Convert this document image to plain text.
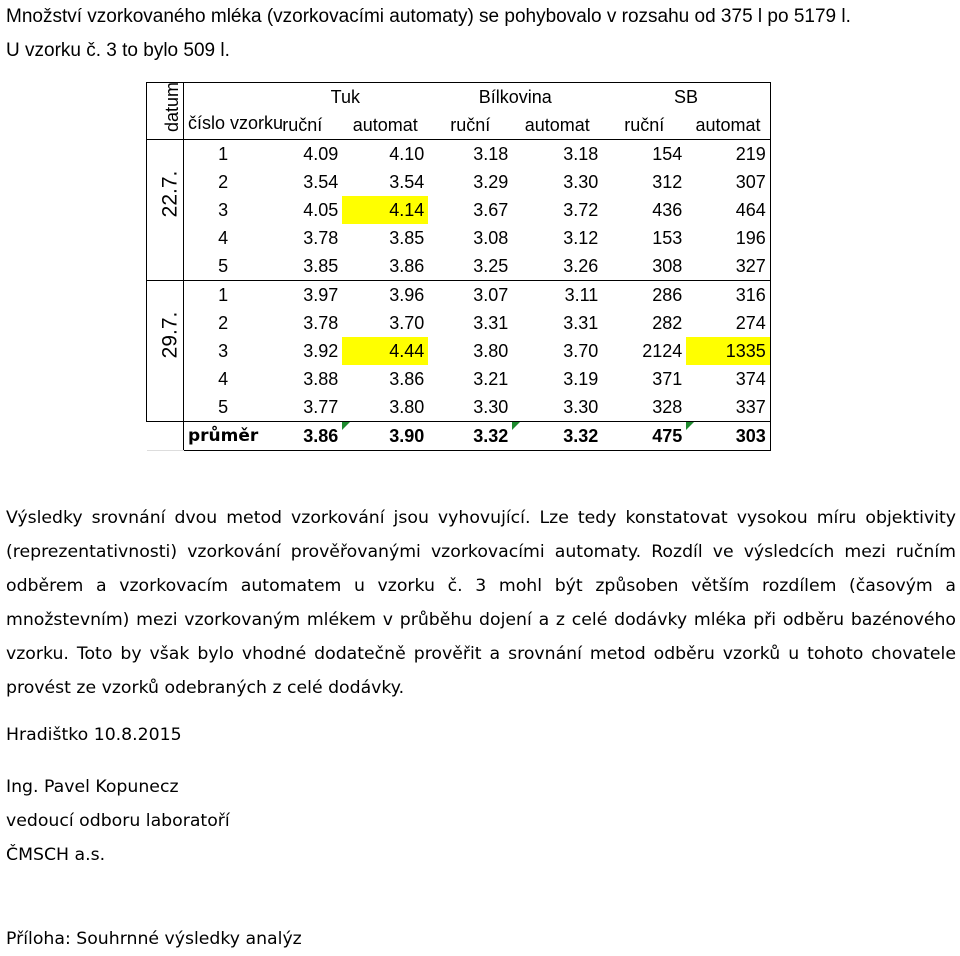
Množství vzorkovaného mléka (vzorkovacími automaty) se pohybovalo v rozsahu od 375 l po 5179 l.

U vzorku č. 3 to bylo 509 l.

datum	číslo vzorku	Tuk		Bílkovina		SB	
		ruční	automat	ruční	automat	ruční	automat

22.7.	1	4.09	4.10	3.18	3.18	154	219
	2	3.54	3.54	3.29	3.30	312	307
	3	4.05	4.14	3.67	3.72	436	464
	4	3.78	3.85	3.08	3.12	153	196
	5	3.85	3.86	3.25	3.26	308	327

29.7.	1	3.97	3.96	3.07	3.11	286	316
	2	3.78	3.70	3.31	3.31	282	274
	3	3.92	4.44	3.80	3.70	2124	1335
	4	3.88	3.86	3.21	3.19	371	374
	5	3.77	3.80	3.30	3.30	328	337
	průměr	3.86	3.90	3.32	3.32	475	303

Výsledky srovnání dvou metod vzorkování jsou vyhovující. Lze tedy konstatovat vysokou míru objektivity (reprezentativnosti) vzorkování prověřovanými vzorkovacími automaty. Rozdíl ve výsledcích mezi ručním odběrem a vzorkovacím automatem u vzorku č. 3 mohl být způsoben větším rozdílem (časovým a množstevním) mezi vzorkovaným mlékem v průběhu dojení a z celé dodávky mléka při odběru bazénového vzorku. Toto by však bylo vhodné dodatečně prověřit a srovnání metod odběru vzorků u tohoto chovatele provést ze vzorků odebraných z celé dodávky.

Hradištko 10.8.2015

Ing. Pavel Kopunecz

vedoucí odboru laboratoří

ČMSCH a.s.

Příloha: Souhrnné výsledky analýz
